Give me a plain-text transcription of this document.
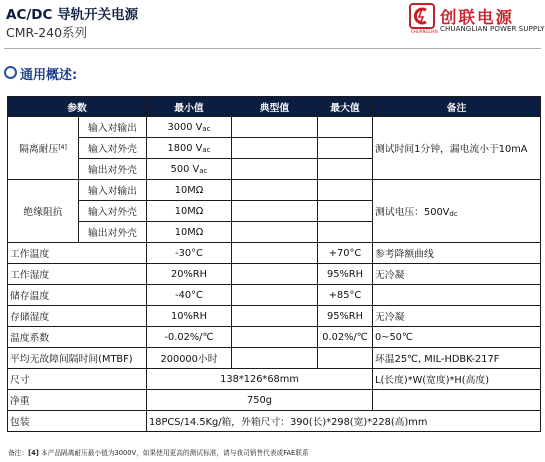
AC/DC 导轨开关电源
CMR-240系列	CHUANGLIAN
创联电源
CHUANGLIAN POWER SUPPLY
通用概述:
参数		最小值	典型值	最大值	备注
隔离耐压[4]	输入对输出	3000 $V_{ac}$			测试时间1分钟，漏电流小于10mA
	输入对外壳	1800 $V_{ac}$		
	输出对外壳	500 $V_{ac}$		
绝缘阻抗	输入对输出	10MΩ			测试电压：$500V_{dc}$
	输入对外壳	10MΩ			
	输出对外壳	10MΩ			
工作温度		-30°C		+70°C	参考降额曲线
工作湿度		20%RH		95%RH	无冷凝
储存温度		-40°C		+85°C	
存储湿度		10%RH		95%RH	无冷凝
温度系数		-0.02%/℃		0.02%/℃	0~50℃
平均无故障间隔时间(MTBF)		200000小时			环温25℃, MIL-HDBK-217F
尺寸		138*126*68mm			L(长度)*W(宽度)*H(高度)
净重		750g			
包装		18PCS/14.5Kg/箱，外箱尺寸：390(长)*298(宽)*228(高)mm			
备注：[4] 本产品隔离耐压最小值为3000V，如果使用更高的测试标准，请与我司销售代表或FAE联系
